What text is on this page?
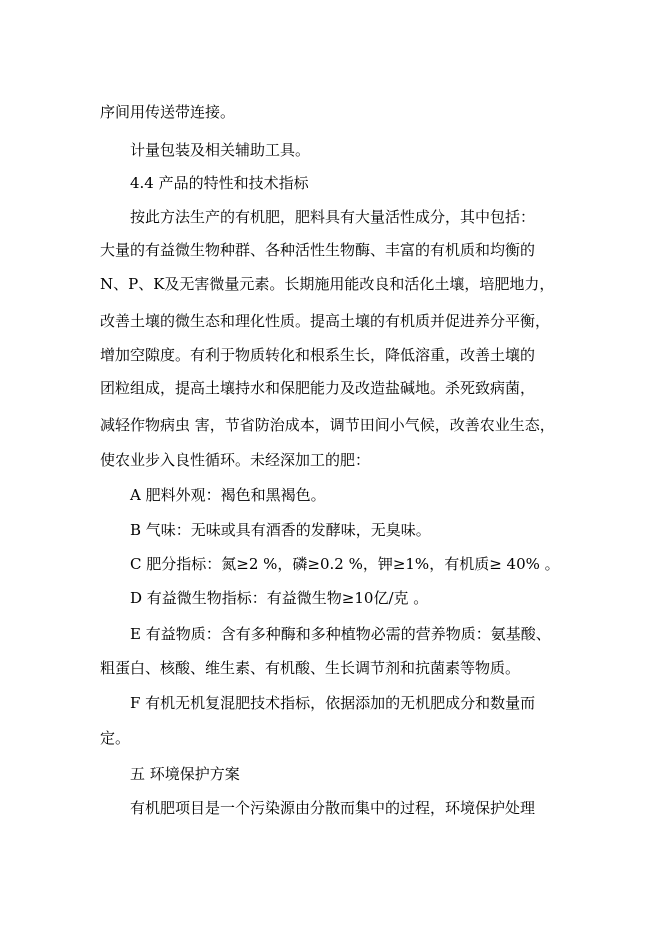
序间用传送带连接。

计量包装及相关辅助工具。

4.4 产品的特性和技术指标

按此方法生产的有机肥，肥料具有大量活性成分，其中包括：

大量的有益微生物种群、各种活性生物酶、丰富的有机质和均衡的

N、P、K及无害微量元素。长期施用能改良和活化土壤，培肥地力，

改善土壤的微生态和理化性质。提高土壤的有机质并促进养分平衡，

增加空隙度。有利于物质转化和根系生长，降低溶重，改善土壤的

团粒组成，提高土壤持水和保肥能力及改造盐碱地。杀死致病菌，

减轻作物病虫 害，节省防治成本，调节田间小气候，改善农业生态，

使农业步入良性循环。未经深加工的肥：

A 肥料外观：褐色和黑褐色。

B 气味：无味或具有酒香的发酵味，无臭味。

C 肥分指标：氮≥2 %，磷≥0.2 %，钾≥1%，有机质≥ 40% 。

D 有益微生物指标：有益微生物≥10亿/克 。

E 有益物质：含有多种酶和多种植物必需的营养物质：氨基酸、

粗蛋白、核酸、维生素、有机酸、生长调节剂和抗菌素等物质。

F 有机无机复混肥技术指标，依据添加的无机肥成分和数量而

定。

五 环境保护方案

有机肥项目是一个污染源由分散而集中的过程，环境保护处理
